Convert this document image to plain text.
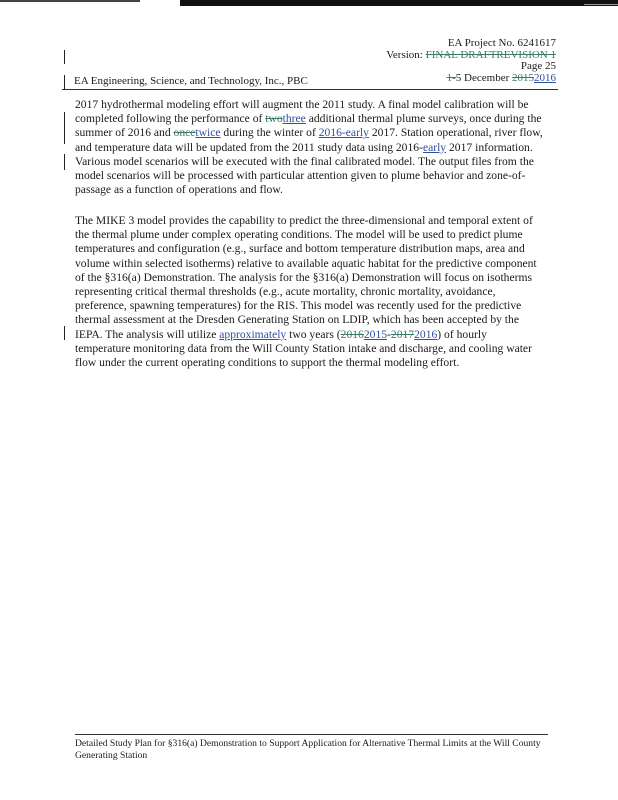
EA Project No. 6241617
Version: FINAL DRAFTREVISION 1
Page 25
1-5 December 20152016
EA Engineering, Science, and Technology, Inc., PBC

2017 hydrothermal modeling effort will augment the 2011 study. A final model calibration will be completed following the performance of twothree additional thermal plume surveys, once during the summer of 2016 and oncetwice during the winter of 2016-early 2017. Station operational, river flow, and temperature data will be updated from the 2011 study data using 2016-early 2017 information. Various model scenarios will be executed with the final calibrated model. The output files from the model scenarios will be processed with particular attention given to plume behavior and zone-of-passage as a function of operations and flow.

The MIKE 3 model provides the capability to predict the three-dimensional and temporal extent of the thermal plume under complex operating conditions. The model will be used to predict plume temperatures and configuration (e.g., surface and bottom temperature distribution maps, area and volume within selected isotherms) relative to available aquatic habitat for the predictive component of the §316(a) Demonstration. The analysis for the §316(a) Demonstration will focus on isotherms representing critical thermal thresholds (e.g., acute mortality, chronic mortality, avoidance, preference, spawning temperatures) for the RIS. This model was recently used for the predictive thermal assessment at the Dresden Generating Station on LDIP, which has been accepted by the IEPA. The analysis will utilize approximately two years (20162015-20172016) of hourly temperature monitoring data from the Will County Station intake and discharge, and cooling water flow under the current operating conditions to support the thermal modeling effort.

Detailed Study Plan for §316(a) Demonstration to Support Application for Alternative Thermal Limits at the Will County Generating Station
